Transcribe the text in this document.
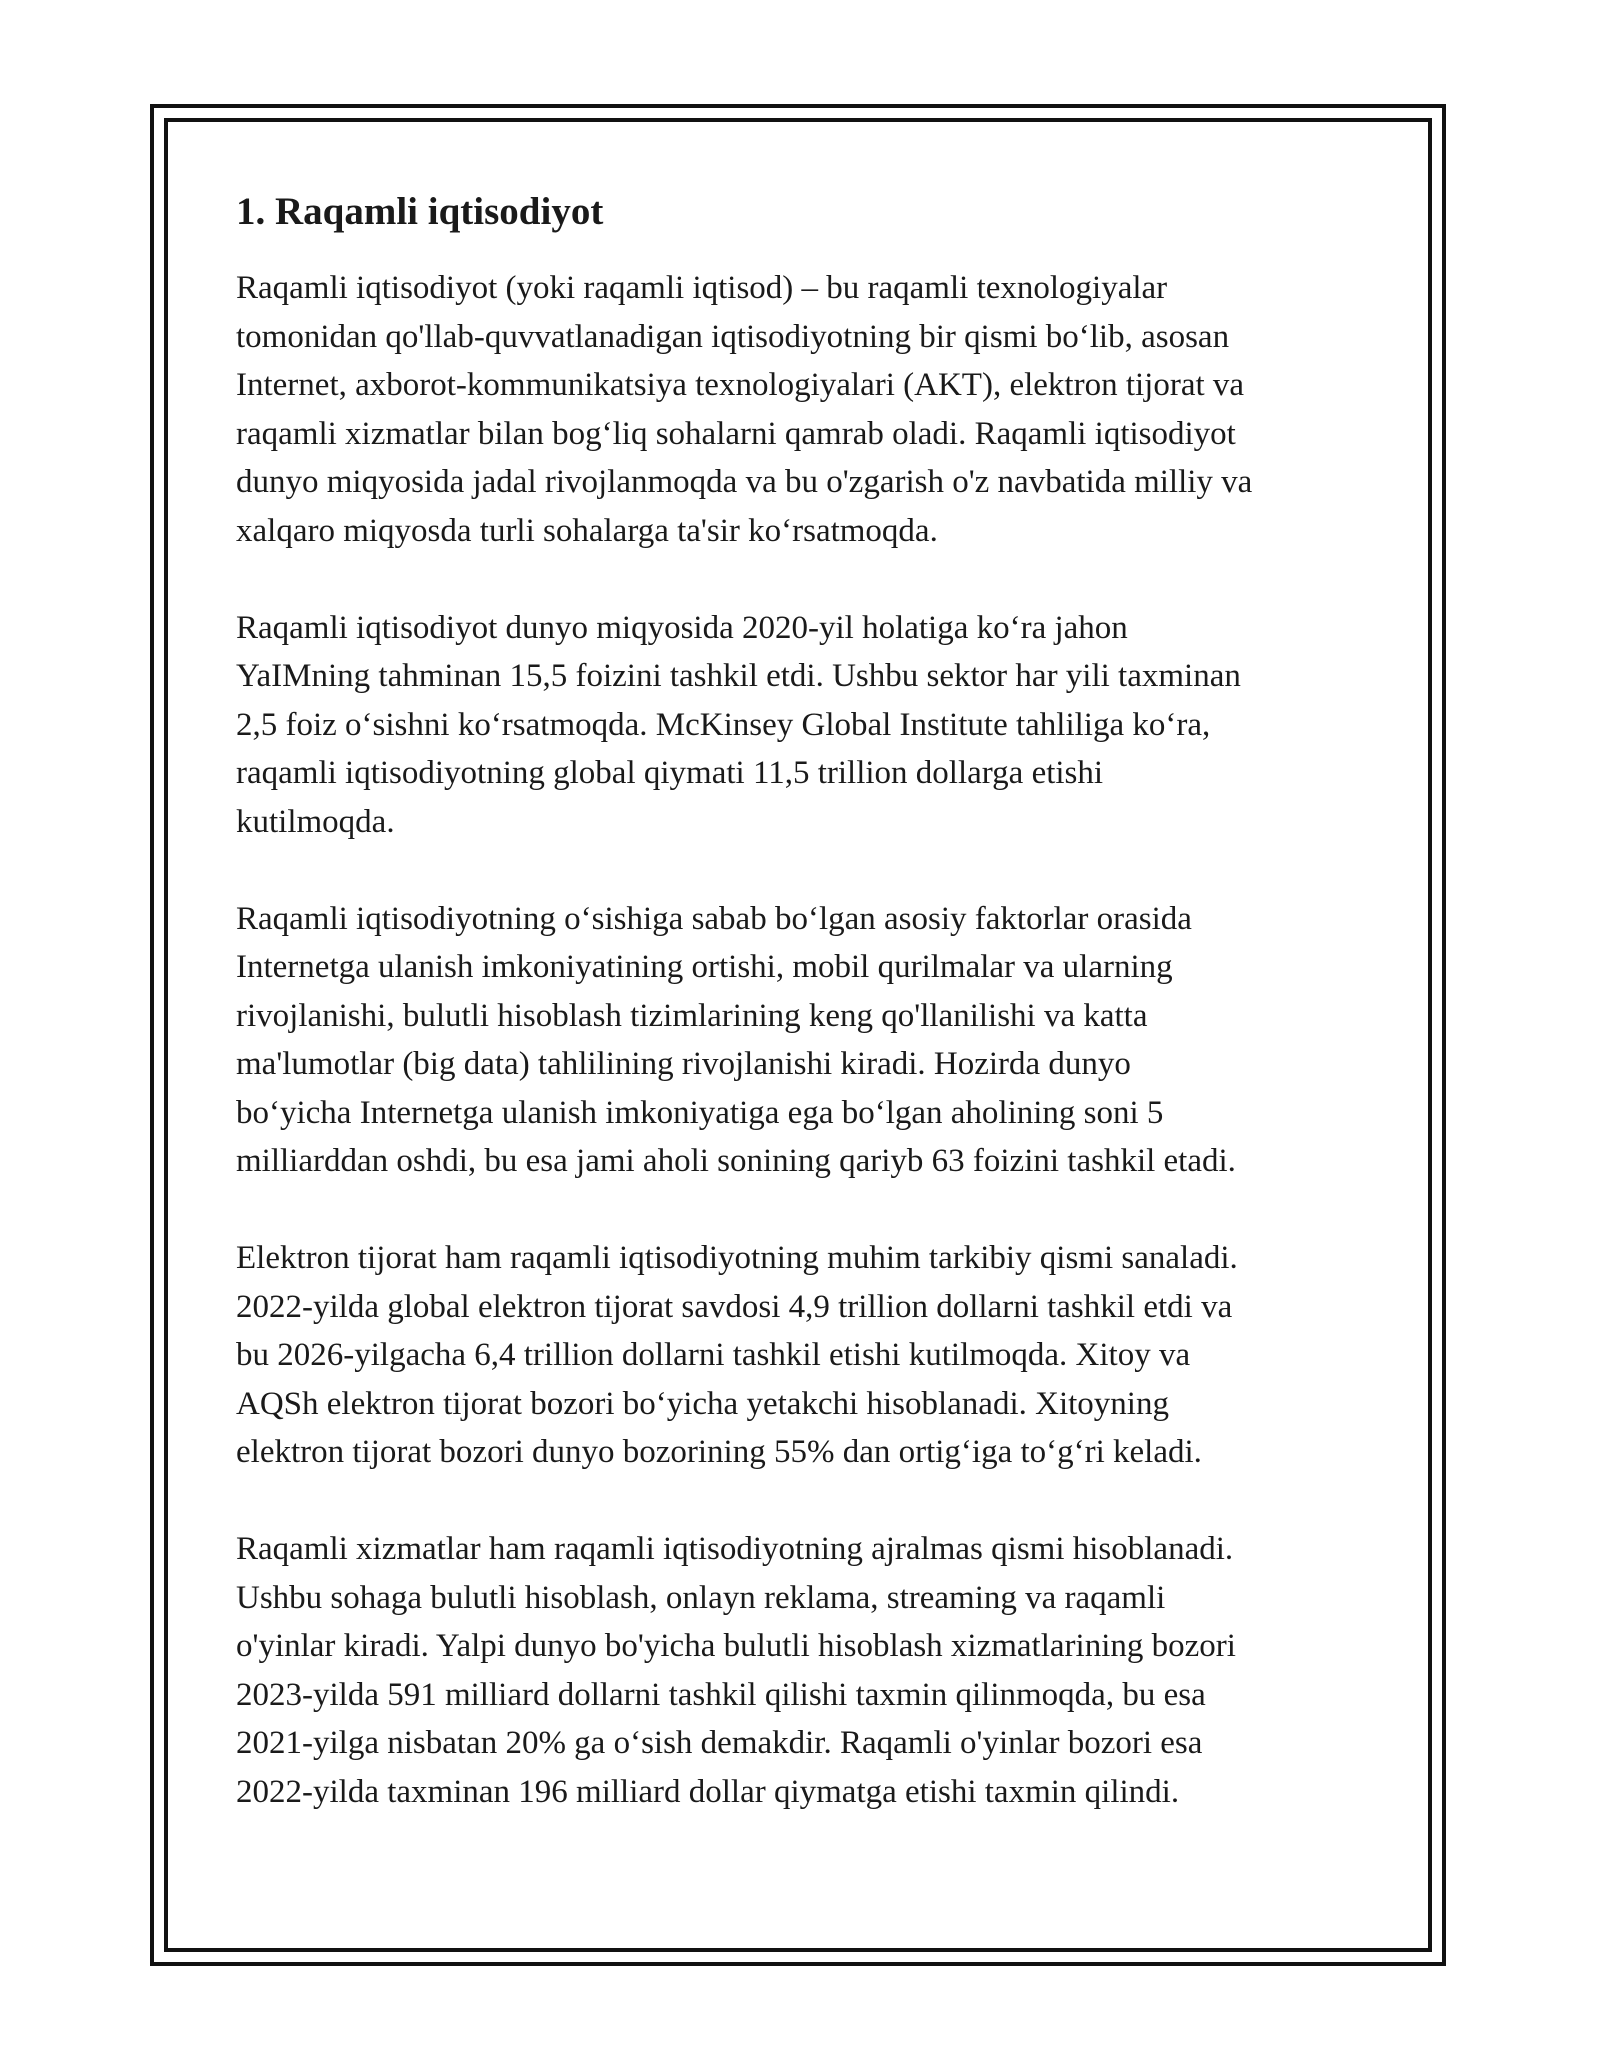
1. Raqamli iqtisodiyot

Raqamli iqtisodiyot (yoki raqamli iqtisod) – bu raqamli texnologiyalar
tomonidan qo'llab-quvvatlanadigan iqtisodiyotning bir qismi bo‘lib, asosan
Internet, axborot-kommunikatsiya texnologiyalari (AKT), elektron tijorat va
raqamli xizmatlar bilan bog‘liq sohalarni qamrab oladi. Raqamli iqtisodiyot
dunyo miqyosida jadal rivojlanmoqda va bu o'zgarish o'z navbatida milliy va
xalqaro miqyosda turli sohalarga ta'sir ko‘rsatmoqda.

Raqamli iqtisodiyot dunyo miqyosida 2020-yil holatiga ko‘ra jahon
YaIMning tahminan 15,5 foizini tashkil etdi. Ushbu sektor har yili taxminan
2,5 foiz o‘sishni ko‘rsatmoqda. McKinsey Global Institute tahliliga ko‘ra,
raqamli iqtisodiyotning global qiymati 11,5 trillion dollarga etishi
kutilmoqda.

Raqamli iqtisodiyotning o‘sishiga sabab bo‘lgan asosiy faktorlar orasida
Internetga ulanish imkoniyatining ortishi, mobil qurilmalar va ularning
rivojlanishi, bulutli hisoblash tizimlarining keng qo'llanilishi va katta
ma'lumotlar (big data) tahlilining rivojlanishi kiradi. Hozirda dunyo
bo‘yicha Internetga ulanish imkoniyatiga ega bo‘lgan aholining soni 5
milliarddan oshdi, bu esa jami aholi sonining qariyb 63 foizini tashkil etadi.

Elektron tijorat ham raqamli iqtisodiyotning muhim tarkibiy qismi sanaladi.
2022-yilda global elektron tijorat savdosi 4,9 trillion dollarni tashkil etdi va
bu 2026-yilgacha 6,4 trillion dollarni tashkil etishi kutilmoqda. Xitoy va
AQSh elektron tijorat bozori bo‘yicha yetakchi hisoblanadi. Xitoyning
elektron tijorat bozori dunyo bozorining 55% dan ortig‘iga to‘g‘ri keladi.

Raqamli xizmatlar ham raqamli iqtisodiyotning ajralmas qismi hisoblanadi.
Ushbu sohaga bulutli hisoblash, onlayn reklama, streaming va raqamli
o'yinlar kiradi. Yalpi dunyo bo'yicha bulutli hisoblash xizmatlarining bozori
2023-yilda 591 milliard dollarni tashkil qilishi taxmin qilinmoqda, bu esa
2021-yilga nisbatan 20% ga o‘sish demakdir. Raqamli o'yinlar bozori esa
2022-yilda taxminan 196 milliard dollar qiymatga etishi taxmin qilindi.
